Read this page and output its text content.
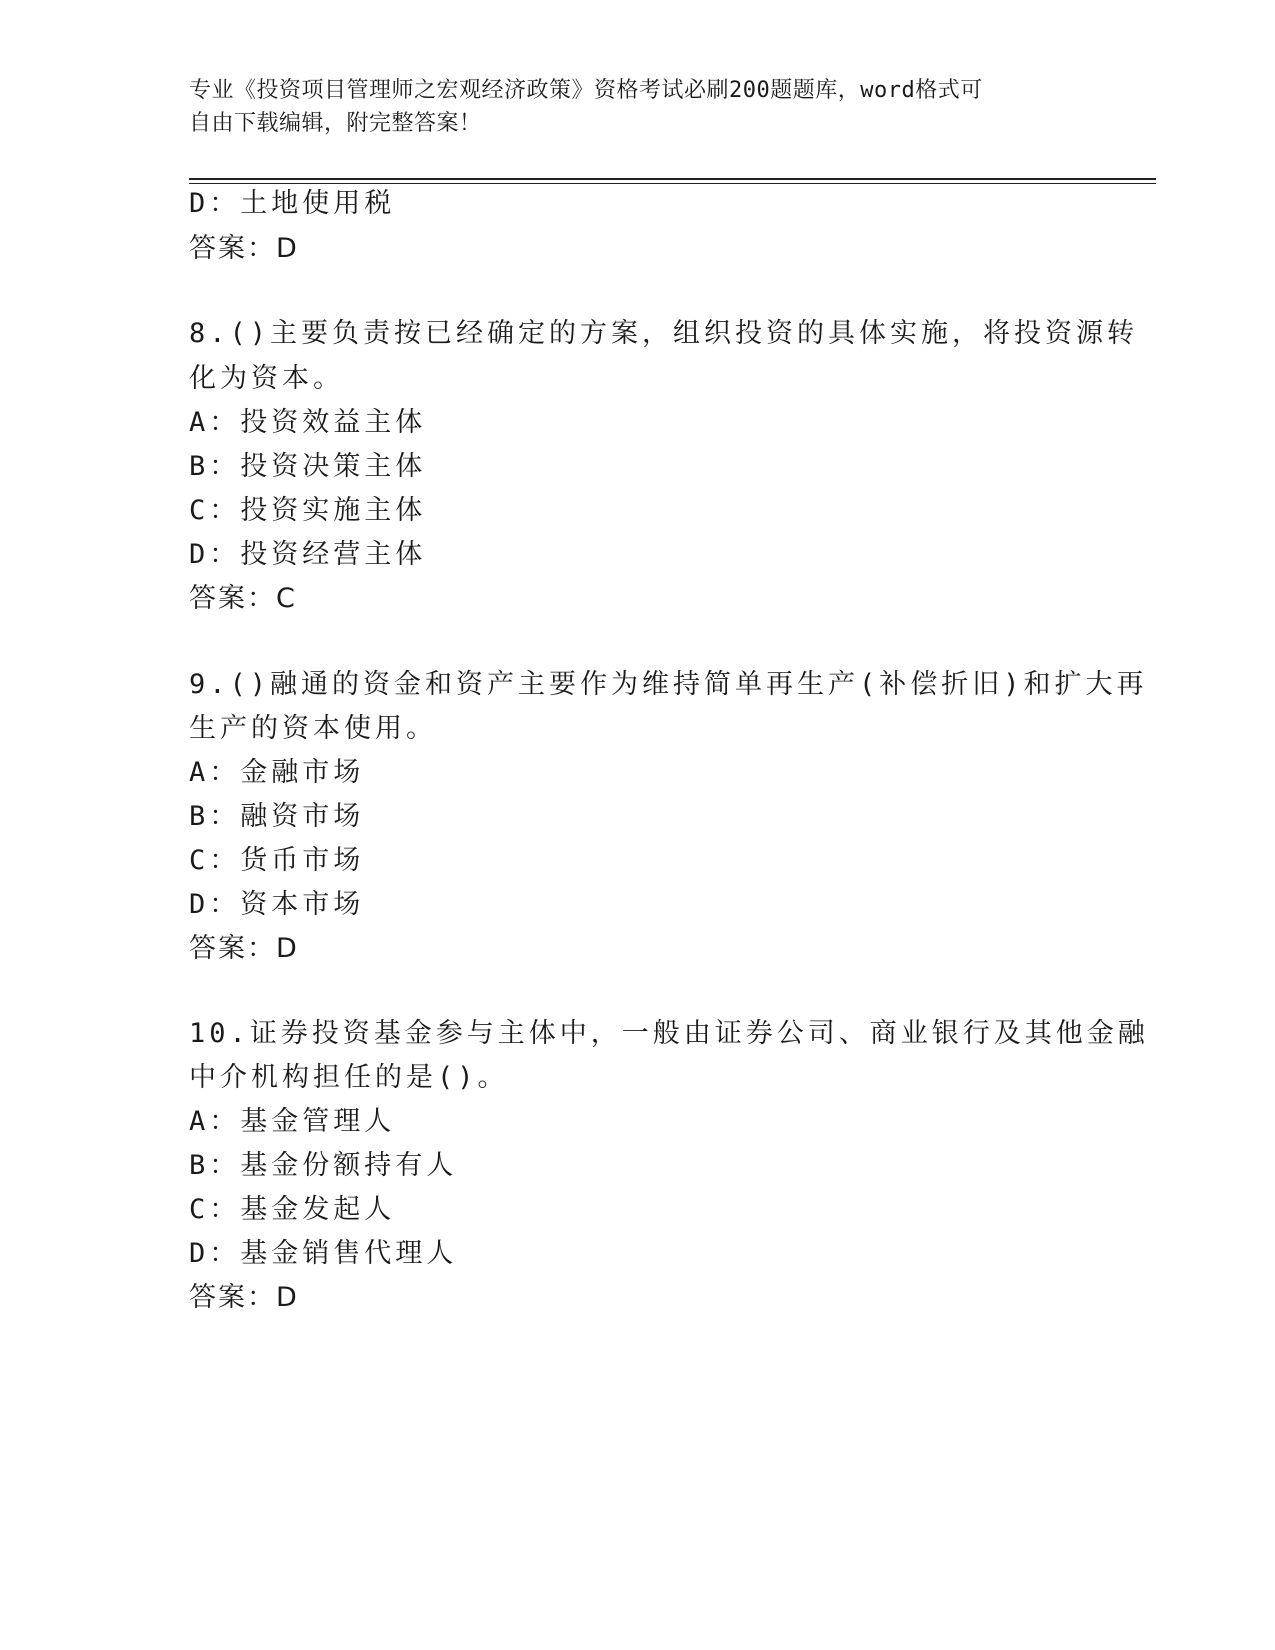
专业《投资项目管理师之宏观经济政策》资格考试必刷200题题库，word格式可
自由下载编辑，附完整答案！
D：土地使用税
答案：D
8.()主要负责按已经确定的方案，组织投资的具体实施，将投资源转
化为资本。
A：投资效益主体
B：投资决策主体
C：投资实施主体
D：投资经营主体
答案：C
9.()融通的资金和资产主要作为维持简单再生产(补偿折旧)和扩大再
生产的资本使用。
A：金融市场
B：融资市场
C：货币市场
D：资本市场
答案：D
10.证券投资基金参与主体中，一般由证券公司、商业银行及其他金融
中介机构担任的是()。
A：基金管理人
B：基金份额持有人
C：基金发起人
D：基金销售代理人
答案：D
